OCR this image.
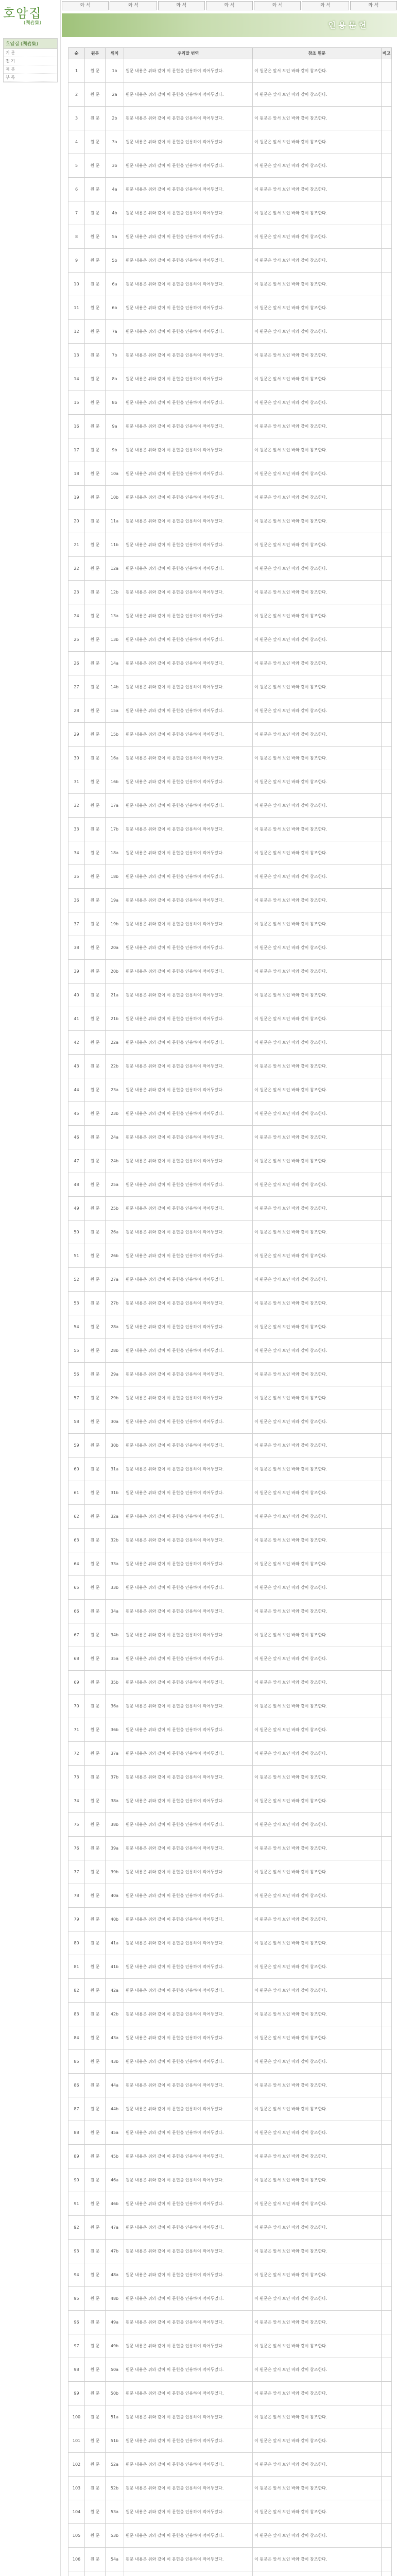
호암집
(湖岩集)
호암집 (湖岩集)
기 문
전 기
제 문
부 록
와 석	와 석	와 석	와 석	와 석	와 석	와 석
인 용 문 헌
순	원문	위치	우리말 번역	참조 원문	비고
1	원 문	1b	원문 내용은 위와 같이 이 문헌을 인용하여 적어두었다.	이 원문은 앞서 보인 바와 같이 참조한다.	
2	원 문	2a	원문 내용은 위와 같이 이 문헌을 인용하여 적어두었다.	이 원문은 앞서 보인 바와 같이 참조한다.	
3	원 문	2b	원문 내용은 위와 같이 이 문헌을 인용하여 적어두었다.	이 원문은 앞서 보인 바와 같이 참조한다.	
4	원 문	3a	원문 내용은 위와 같이 이 문헌을 인용하여 적어두었다.	이 원문은 앞서 보인 바와 같이 참조한다.	
5	원 문	3b	원문 내용은 위와 같이 이 문헌을 인용하여 적어두었다.	이 원문은 앞서 보인 바와 같이 참조한다.	
6	원 문	4a	원문 내용은 위와 같이 이 문헌을 인용하여 적어두었다.	이 원문은 앞서 보인 바와 같이 참조한다.	
7	원 문	4b	원문 내용은 위와 같이 이 문헌을 인용하여 적어두었다.	이 원문은 앞서 보인 바와 같이 참조한다.	
8	원 문	5a	원문 내용은 위와 같이 이 문헌을 인용하여 적어두었다.	이 원문은 앞서 보인 바와 같이 참조한다.	
9	원 문	5b	원문 내용은 위와 같이 이 문헌을 인용하여 적어두었다.	이 원문은 앞서 보인 바와 같이 참조한다.	
10	원 문	6a	원문 내용은 위와 같이 이 문헌을 인용하여 적어두었다.	이 원문은 앞서 보인 바와 같이 참조한다.	
11	원 문	6b	원문 내용은 위와 같이 이 문헌을 인용하여 적어두었다.	이 원문은 앞서 보인 바와 같이 참조한다.	
12	원 문	7a	원문 내용은 위와 같이 이 문헌을 인용하여 적어두었다.	이 원문은 앞서 보인 바와 같이 참조한다.	
13	원 문	7b	원문 내용은 위와 같이 이 문헌을 인용하여 적어두었다.	이 원문은 앞서 보인 바와 같이 참조한다.	
14	원 문	8a	원문 내용은 위와 같이 이 문헌을 인용하여 적어두었다.	이 원문은 앞서 보인 바와 같이 참조한다.	
15	원 문	8b	원문 내용은 위와 같이 이 문헌을 인용하여 적어두었다.	이 원문은 앞서 보인 바와 같이 참조한다.	
16	원 문	9a	원문 내용은 위와 같이 이 문헌을 인용하여 적어두었다.	이 원문은 앞서 보인 바와 같이 참조한다.	
17	원 문	9b	원문 내용은 위와 같이 이 문헌을 인용하여 적어두었다.	이 원문은 앞서 보인 바와 같이 참조한다.	
18	원 문	10a	원문 내용은 위와 같이 이 문헌을 인용하여 적어두었다.	이 원문은 앞서 보인 바와 같이 참조한다.	
19	원 문	10b	원문 내용은 위와 같이 이 문헌을 인용하여 적어두었다.	이 원문은 앞서 보인 바와 같이 참조한다.	
20	원 문	11a	원문 내용은 위와 같이 이 문헌을 인용하여 적어두었다.	이 원문은 앞서 보인 바와 같이 참조한다.	
21	원 문	11b	원문 내용은 위와 같이 이 문헌을 인용하여 적어두었다.	이 원문은 앞서 보인 바와 같이 참조한다.	
22	원 문	12a	원문 내용은 위와 같이 이 문헌을 인용하여 적어두었다.	이 원문은 앞서 보인 바와 같이 참조한다.	
23	원 문	12b	원문 내용은 위와 같이 이 문헌을 인용하여 적어두었다.	이 원문은 앞서 보인 바와 같이 참조한다.	
24	원 문	13a	원문 내용은 위와 같이 이 문헌을 인용하여 적어두었다.	이 원문은 앞서 보인 바와 같이 참조한다.	
25	원 문	13b	원문 내용은 위와 같이 이 문헌을 인용하여 적어두었다.	이 원문은 앞서 보인 바와 같이 참조한다.	
26	원 문	14a	원문 내용은 위와 같이 이 문헌을 인용하여 적어두었다.	이 원문은 앞서 보인 바와 같이 참조한다.	
27	원 문	14b	원문 내용은 위와 같이 이 문헌을 인용하여 적어두었다.	이 원문은 앞서 보인 바와 같이 참조한다.	
28	원 문	15a	원문 내용은 위와 같이 이 문헌을 인용하여 적어두었다.	이 원문은 앞서 보인 바와 같이 참조한다.	
29	원 문	15b	원문 내용은 위와 같이 이 문헌을 인용하여 적어두었다.	이 원문은 앞서 보인 바와 같이 참조한다.	
30	원 문	16a	원문 내용은 위와 같이 이 문헌을 인용하여 적어두었다.	이 원문은 앞서 보인 바와 같이 참조한다.	
31	원 문	16b	원문 내용은 위와 같이 이 문헌을 인용하여 적어두었다.	이 원문은 앞서 보인 바와 같이 참조한다.	
32	원 문	17a	원문 내용은 위와 같이 이 문헌을 인용하여 적어두었다.	이 원문은 앞서 보인 바와 같이 참조한다.	
33	원 문	17b	원문 내용은 위와 같이 이 문헌을 인용하여 적어두었다.	이 원문은 앞서 보인 바와 같이 참조한다.	
34	원 문	18a	원문 내용은 위와 같이 이 문헌을 인용하여 적어두었다.	이 원문은 앞서 보인 바와 같이 참조한다.	
35	원 문	18b	원문 내용은 위와 같이 이 문헌을 인용하여 적어두었다.	이 원문은 앞서 보인 바와 같이 참조한다.	
36	원 문	19a	원문 내용은 위와 같이 이 문헌을 인용하여 적어두었다.	이 원문은 앞서 보인 바와 같이 참조한다.	
37	원 문	19b	원문 내용은 위와 같이 이 문헌을 인용하여 적어두었다.	이 원문은 앞서 보인 바와 같이 참조한다.	
38	원 문	20a	원문 내용은 위와 같이 이 문헌을 인용하여 적어두었다.	이 원문은 앞서 보인 바와 같이 참조한다.	
39	원 문	20b	원문 내용은 위와 같이 이 문헌을 인용하여 적어두었다.	이 원문은 앞서 보인 바와 같이 참조한다.	
40	원 문	21a	원문 내용은 위와 같이 이 문헌을 인용하여 적어두었다.	이 원문은 앞서 보인 바와 같이 참조한다.	
41	원 문	21b	원문 내용은 위와 같이 이 문헌을 인용하여 적어두었다.	이 원문은 앞서 보인 바와 같이 참조한다.	
42	원 문	22a	원문 내용은 위와 같이 이 문헌을 인용하여 적어두었다.	이 원문은 앞서 보인 바와 같이 참조한다.	
43	원 문	22b	원문 내용은 위와 같이 이 문헌을 인용하여 적어두었다.	이 원문은 앞서 보인 바와 같이 참조한다.	
44	원 문	23a	원문 내용은 위와 같이 이 문헌을 인용하여 적어두었다.	이 원문은 앞서 보인 바와 같이 참조한다.	
45	원 문	23b	원문 내용은 위와 같이 이 문헌을 인용하여 적어두었다.	이 원문은 앞서 보인 바와 같이 참조한다.	
46	원 문	24a	원문 내용은 위와 같이 이 문헌을 인용하여 적어두었다.	이 원문은 앞서 보인 바와 같이 참조한다.	
47	원 문	24b	원문 내용은 위와 같이 이 문헌을 인용하여 적어두었다.	이 원문은 앞서 보인 바와 같이 참조한다.	
48	원 문	25a	원문 내용은 위와 같이 이 문헌을 인용하여 적어두었다.	이 원문은 앞서 보인 바와 같이 참조한다.	
49	원 문	25b	원문 내용은 위와 같이 이 문헌을 인용하여 적어두었다.	이 원문은 앞서 보인 바와 같이 참조한다.	
50	원 문	26a	원문 내용은 위와 같이 이 문헌을 인용하여 적어두었다.	이 원문은 앞서 보인 바와 같이 참조한다.	
51	원 문	26b	원문 내용은 위와 같이 이 문헌을 인용하여 적어두었다.	이 원문은 앞서 보인 바와 같이 참조한다.	
52	원 문	27a	원문 내용은 위와 같이 이 문헌을 인용하여 적어두었다.	이 원문은 앞서 보인 바와 같이 참조한다.	
53	원 문	27b	원문 내용은 위와 같이 이 문헌을 인용하여 적어두었다.	이 원문은 앞서 보인 바와 같이 참조한다.	
54	원 문	28a	원문 내용은 위와 같이 이 문헌을 인용하여 적어두었다.	이 원문은 앞서 보인 바와 같이 참조한다.	
55	원 문	28b	원문 내용은 위와 같이 이 문헌을 인용하여 적어두었다.	이 원문은 앞서 보인 바와 같이 참조한다.	
56	원 문	29a	원문 내용은 위와 같이 이 문헌을 인용하여 적어두었다.	이 원문은 앞서 보인 바와 같이 참조한다.	
57	원 문	29b	원문 내용은 위와 같이 이 문헌을 인용하여 적어두었다.	이 원문은 앞서 보인 바와 같이 참조한다.	
58	원 문	30a	원문 내용은 위와 같이 이 문헌을 인용하여 적어두었다.	이 원문은 앞서 보인 바와 같이 참조한다.	
59	원 문	30b	원문 내용은 위와 같이 이 문헌을 인용하여 적어두었다.	이 원문은 앞서 보인 바와 같이 참조한다.	
60	원 문	31a	원문 내용은 위와 같이 이 문헌을 인용하여 적어두었다.	이 원문은 앞서 보인 바와 같이 참조한다.	
61	원 문	31b	원문 내용은 위와 같이 이 문헌을 인용하여 적어두었다.	이 원문은 앞서 보인 바와 같이 참조한다.	
62	원 문	32a	원문 내용은 위와 같이 이 문헌을 인용하여 적어두었다.	이 원문은 앞서 보인 바와 같이 참조한다.	
63	원 문	32b	원문 내용은 위와 같이 이 문헌을 인용하여 적어두었다.	이 원문은 앞서 보인 바와 같이 참조한다.	
64	원 문	33a	원문 내용은 위와 같이 이 문헌을 인용하여 적어두었다.	이 원문은 앞서 보인 바와 같이 참조한다.	
65	원 문	33b	원문 내용은 위와 같이 이 문헌을 인용하여 적어두었다.	이 원문은 앞서 보인 바와 같이 참조한다.	
66	원 문	34a	원문 내용은 위와 같이 이 문헌을 인용하여 적어두었다.	이 원문은 앞서 보인 바와 같이 참조한다.	
67	원 문	34b	원문 내용은 위와 같이 이 문헌을 인용하여 적어두었다.	이 원문은 앞서 보인 바와 같이 참조한다.	
68	원 문	35a	원문 내용은 위와 같이 이 문헌을 인용하여 적어두었다.	이 원문은 앞서 보인 바와 같이 참조한다.	
69	원 문	35b	원문 내용은 위와 같이 이 문헌을 인용하여 적어두었다.	이 원문은 앞서 보인 바와 같이 참조한다.	
70	원 문	36a	원문 내용은 위와 같이 이 문헌을 인용하여 적어두었다.	이 원문은 앞서 보인 바와 같이 참조한다.	
71	원 문	36b	원문 내용은 위와 같이 이 문헌을 인용하여 적어두었다.	이 원문은 앞서 보인 바와 같이 참조한다.	
72	원 문	37a	원문 내용은 위와 같이 이 문헌을 인용하여 적어두었다.	이 원문은 앞서 보인 바와 같이 참조한다.	
73	원 문	37b	원문 내용은 위와 같이 이 문헌을 인용하여 적어두었다.	이 원문은 앞서 보인 바와 같이 참조한다.	
74	원 문	38a	원문 내용은 위와 같이 이 문헌을 인용하여 적어두었다.	이 원문은 앞서 보인 바와 같이 참조한다.	
75	원 문	38b	원문 내용은 위와 같이 이 문헌을 인용하여 적어두었다.	이 원문은 앞서 보인 바와 같이 참조한다.	
76	원 문	39a	원문 내용은 위와 같이 이 문헌을 인용하여 적어두었다.	이 원문은 앞서 보인 바와 같이 참조한다.	
77	원 문	39b	원문 내용은 위와 같이 이 문헌을 인용하여 적어두었다.	이 원문은 앞서 보인 바와 같이 참조한다.	
78	원 문	40a	원문 내용은 위와 같이 이 문헌을 인용하여 적어두었다.	이 원문은 앞서 보인 바와 같이 참조한다.	
79	원 문	40b	원문 내용은 위와 같이 이 문헌을 인용하여 적어두었다.	이 원문은 앞서 보인 바와 같이 참조한다.	
80	원 문	41a	원문 내용은 위와 같이 이 문헌을 인용하여 적어두었다.	이 원문은 앞서 보인 바와 같이 참조한다.	
81	원 문	41b	원문 내용은 위와 같이 이 문헌을 인용하여 적어두었다.	이 원문은 앞서 보인 바와 같이 참조한다.	
82	원 문	42a	원문 내용은 위와 같이 이 문헌을 인용하여 적어두었다.	이 원문은 앞서 보인 바와 같이 참조한다.	
83	원 문	42b	원문 내용은 위와 같이 이 문헌을 인용하여 적어두었다.	이 원문은 앞서 보인 바와 같이 참조한다.	
84	원 문	43a	원문 내용은 위와 같이 이 문헌을 인용하여 적어두었다.	이 원문은 앞서 보인 바와 같이 참조한다.	
85	원 문	43b	원문 내용은 위와 같이 이 문헌을 인용하여 적어두었다.	이 원문은 앞서 보인 바와 같이 참조한다.	
86	원 문	44a	원문 내용은 위와 같이 이 문헌을 인용하여 적어두었다.	이 원문은 앞서 보인 바와 같이 참조한다.	
87	원 문	44b	원문 내용은 위와 같이 이 문헌을 인용하여 적어두었다.	이 원문은 앞서 보인 바와 같이 참조한다.	
88	원 문	45a	원문 내용은 위와 같이 이 문헌을 인용하여 적어두었다.	이 원문은 앞서 보인 바와 같이 참조한다.	
89	원 문	45b	원문 내용은 위와 같이 이 문헌을 인용하여 적어두었다.	이 원문은 앞서 보인 바와 같이 참조한다.	
90	원 문	46a	원문 내용은 위와 같이 이 문헌을 인용하여 적어두었다.	이 원문은 앞서 보인 바와 같이 참조한다.	
91	원 문	46b	원문 내용은 위와 같이 이 문헌을 인용하여 적어두었다.	이 원문은 앞서 보인 바와 같이 참조한다.	
92	원 문	47a	원문 내용은 위와 같이 이 문헌을 인용하여 적어두었다.	이 원문은 앞서 보인 바와 같이 참조한다.	
93	원 문	47b	원문 내용은 위와 같이 이 문헌을 인용하여 적어두었다.	이 원문은 앞서 보인 바와 같이 참조한다.	
94	원 문	48a	원문 내용은 위와 같이 이 문헌을 인용하여 적어두었다.	이 원문은 앞서 보인 바와 같이 참조한다.	
95	원 문	48b	원문 내용은 위와 같이 이 문헌을 인용하여 적어두었다.	이 원문은 앞서 보인 바와 같이 참조한다.	
96	원 문	49a	원문 내용은 위와 같이 이 문헌을 인용하여 적어두었다.	이 원문은 앞서 보인 바와 같이 참조한다.	
97	원 문	49b	원문 내용은 위와 같이 이 문헌을 인용하여 적어두었다.	이 원문은 앞서 보인 바와 같이 참조한다.	
98	원 문	50a	원문 내용은 위와 같이 이 문헌을 인용하여 적어두었다.	이 원문은 앞서 보인 바와 같이 참조한다.	
99	원 문	50b	원문 내용은 위와 같이 이 문헌을 인용하여 적어두었다.	이 원문은 앞서 보인 바와 같이 참조한다.	
100	원 문	51a	원문 내용은 위와 같이 이 문헌을 인용하여 적어두었다.	이 원문은 앞서 보인 바와 같이 참조한다.	
101	원 문	51b	원문 내용은 위와 같이 이 문헌을 인용하여 적어두었다.	이 원문은 앞서 보인 바와 같이 참조한다.	
102	원 문	52a	원문 내용은 위와 같이 이 문헌을 인용하여 적어두었다.	이 원문은 앞서 보인 바와 같이 참조한다.	
103	원 문	52b	원문 내용은 위와 같이 이 문헌을 인용하여 적어두었다.	이 원문은 앞서 보인 바와 같이 참조한다.	
104	원 문	53a	원문 내용은 위와 같이 이 문헌을 인용하여 적어두었다.	이 원문은 앞서 보인 바와 같이 참조한다.	
105	원 문	53b	원문 내용은 위와 같이 이 문헌을 인용하여 적어두었다.	이 원문은 앞서 보인 바와 같이 참조한다.	
106	원 문	54a	원문 내용은 위와 같이 이 문헌을 인용하여 적어두었다.	이 원문은 앞서 보인 바와 같이 참조한다.	
